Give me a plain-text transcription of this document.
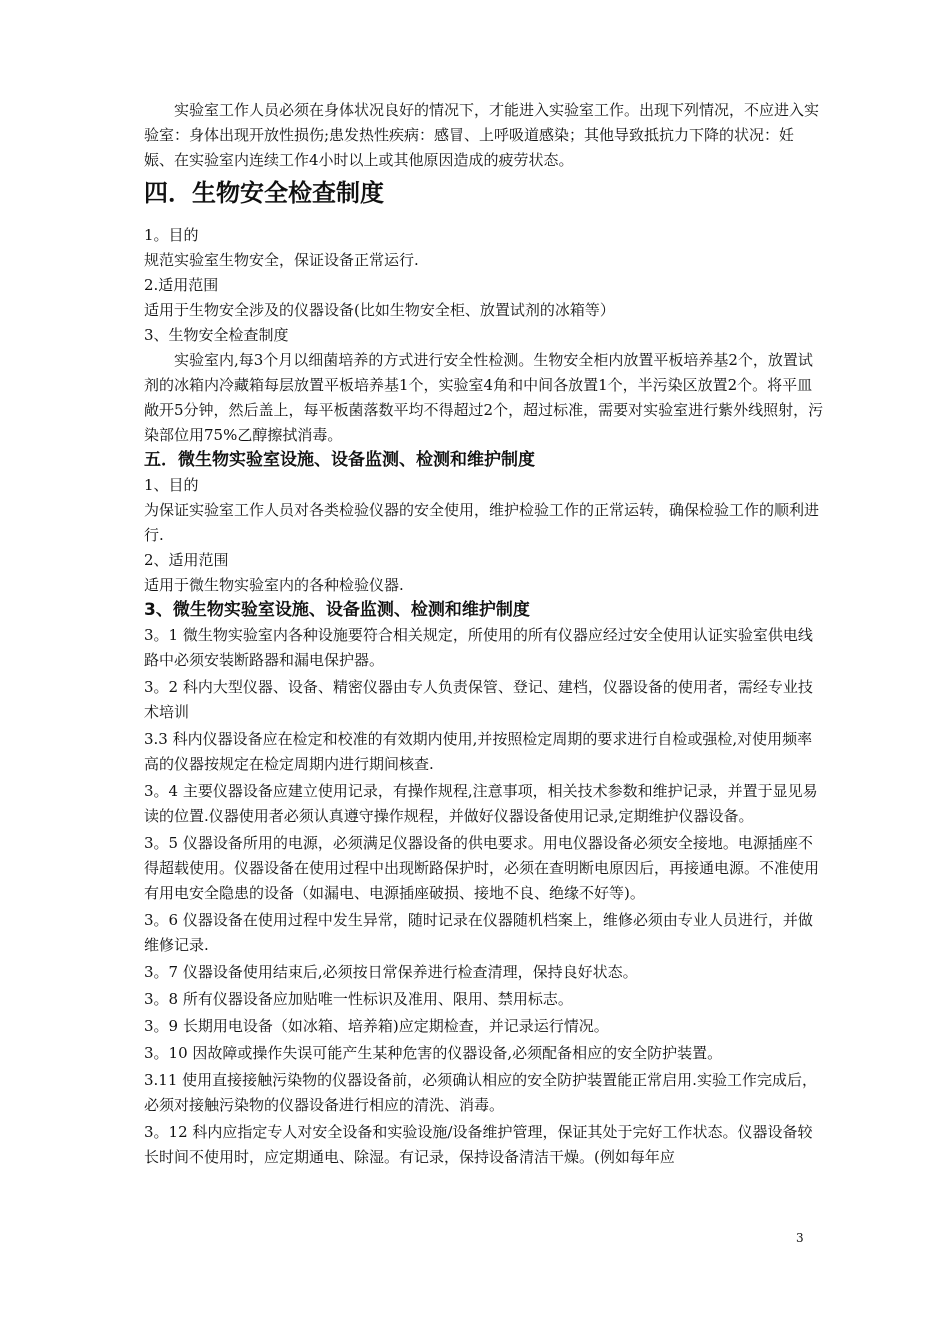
实验室工作人员必须在身体状况良好的情况下，才能进入实验室工作。出现下列情况，不应进入实验室：身体出现开放性损伤;患发热性疾病：感冒、上呼吸道感染；其他导致抵抗力下降的状况：妊娠、在实验室内连续工作4小时以上或其他原因造成的疲劳状态。

四．生物安全检查制度

1。目的

规范实验室生物安全，保证设备正常运行.

2.适用范围

适用于生物安全涉及的仪器设备(比如生物安全柜、放置试剂的冰箱等）

3、生物安全检查制度

实验室内,每3个月以细菌培养的方式进行安全性检测。生物安全柜内放置平板培养基2个，放置试剂的冰箱内冷藏箱每层放置平板培养基1个，实验室4角和中间各放置1个，半污染区放置2个。将平皿敞开5分钟，然后盖上，每平板菌落数平均不得超过2个，超过标准，需要对实验室进行紫外线照射，污染部位用75%乙醇擦拭消毒。

五．微生物实验室设施、设备监测、检测和维护制度

1、目的

为保证实验室工作人员对各类检验仪器的安全使用，维护检验工作的正常运转，确保检验工作的顺利进行.

2、适用范围

适用于微生物实验室内的各种检验仪器.

3、微生物实验室设施、设备监测、检测和维护制度

3。1 微生物实验室内各种设施要符合相关规定，所使用的所有仪器应经过安全使用认证实验室供电线路中必须安装断路器和漏电保护器。

3。2 科内大型仪器、设备、精密仪器由专人负责保管、登记、建档，仪器设备的使用者，需经专业技术培训

3.3 科内仪器设备应在检定和校准的有效期内使用,并按照检定周期的要求进行自检或强检,对使用频率高的仪器按规定在检定周期内进行期间核查.

3。4 主要仪器设备应建立使用记录，有操作规程,注意事项，相关技术参数和维护记录，并置于显见易读的位置.仪器使用者必须认真遵守操作规程，并做好仪器设备使用记录,定期维护仪器设备。

3。5 仪器设备所用的电源，必须满足仪器设备的供电要求。用电仪器设备必须安全接地。电源插座不得超载使用。仪器设备在使用过程中出现断路保护时，必须在查明断电原因后，再接通电源。不准使用有用电安全隐患的设备（如漏电、电源插座破损、接地不良、绝缘不好等)。

3。6 仪器设备在使用过程中发生异常，随时记录在仪器随机档案上，维修必须由专业人员进行，并做维修记录.

3。7 仪器设备使用结束后,必须按日常保养进行检查清理，保持良好状态。

3。8 所有仪器设备应加贴唯一性标识及准用、限用、禁用标志。

3。9 长期用电设备（如冰箱、培养箱)应定期检查，并记录运行情况。

3。10 因故障或操作失误可能产生某种危害的仪器设备,必须配备相应的安全防护装置。

3.11 使用直接接触污染物的仪器设备前，必须确认相应的安全防护装置能正常启用.实验工作完成后，必须对接触污染物的仪器设备进行相应的清洗、消毒。

3。12 科内应指定专人对安全设备和实验设施/设备维护管理，保证其处于完好工作状态。仪器设备较长时间不使用时，应定期通电、除湿。有记录，保持设备清洁干燥。(例如每年应

3
